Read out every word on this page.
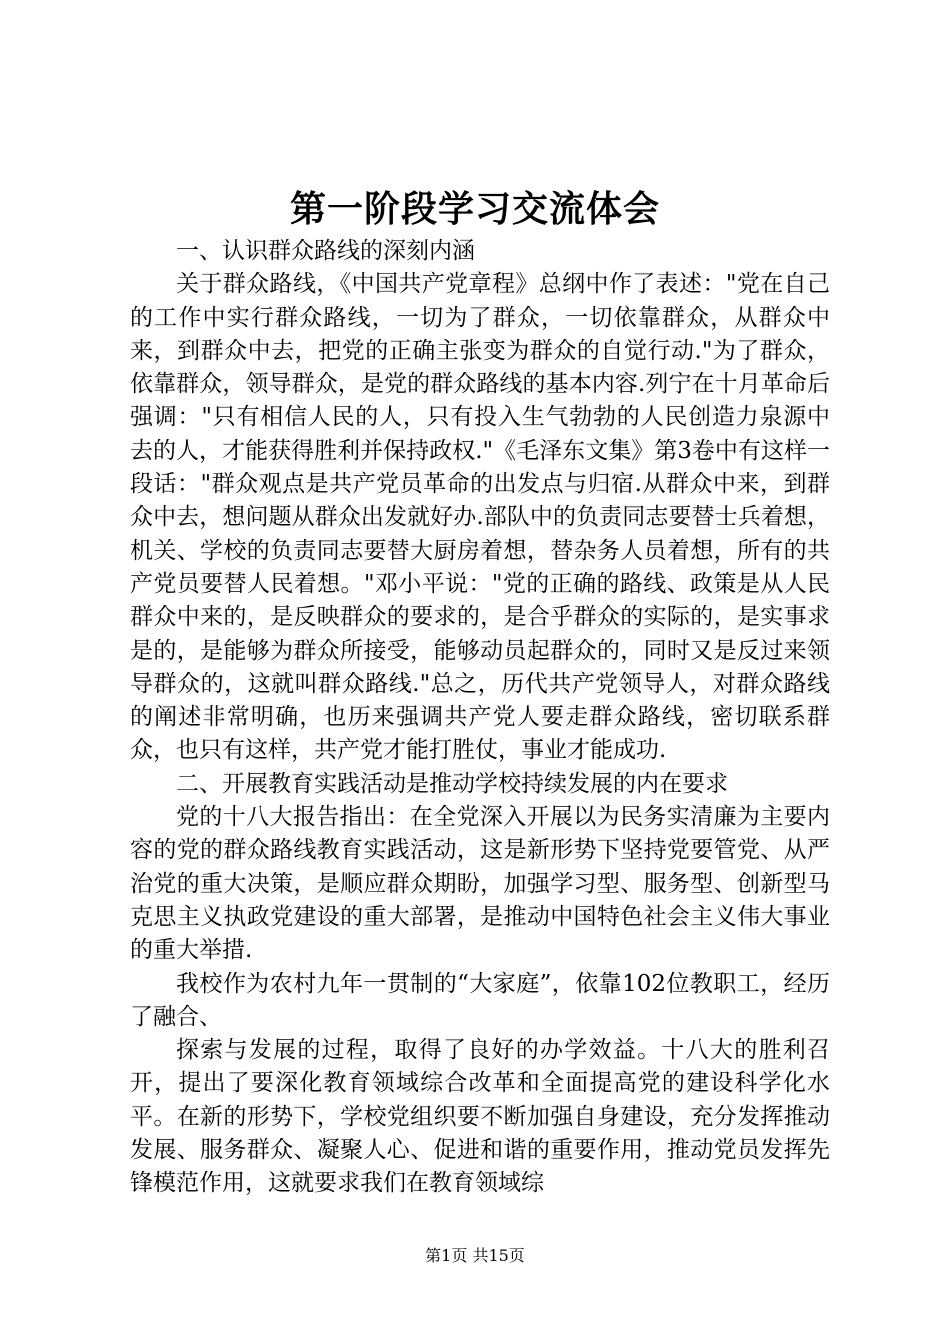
第一阶段学习交流体会

一、认识群众路线的深刻内涵

关于群众路线，《中国共产党章程》总纲中作了表述："党在自己的工作中实行群众路线，一切为了群众，一切依靠群众，从群众中来，到群众中去，把党的正确主张变为群众的自觉行动."为了群众，依靠群众，领导群众，是党的群众路线的基本内容.列宁在十月革命后强调："只有相信人民的人，只有投入生气勃勃的人民创造力泉源中去的人，才能获得胜利并保持政权."《毛泽东文集》第3卷中有这样一段话："群众观点是共产党员革命的出发点与归宿.从群众中来，到群众中去，想问题从群众出发就好办.部队中的负责同志要替士兵着想，机关、学校的负责同志要替大厨房着想，替杂务人员着想，所有的共产党员要替人民着想。"邓小平说："党的正确的路线、政策是从人民群众中来的，是反映群众的要求的，是合乎群众的实际的，是实事求是的，是能够为群众所接受，能够动员起群众的，同时又是反过来领导群众的，这就叫群众路线."总之，历代共产党领导人，对群众路线的阐述非常明确，也历来强调共产党人要走群众路线，密切联系群众，也只有这样，共产党才能打胜仗，事业才能成功.

二、开展教育实践活动是推动学校持续发展的内在要求

党的十八大报告指出：在全党深入开展以为民务实清廉为主要内容的党的群众路线教育实践活动，这是新形势下坚持党要管党、从严治党的重大决策，是顺应群众期盼，加强学习型、服务型、创新型马克思主义执政党建设的重大部署，是推动中国特色社会主义伟大事业的重大举措.

我校作为农村九年一贯制的“大家庭”，依靠102位教职工，经历了融合、

探索与发展的过程，取得了良好的办学效益。十八大的胜利召开，提出了要深化教育领域综合改革和全面提高党的建设科学化水平。在新的形势下，学校党组织要不断加强自身建设，充分发挥推动发展、服务群众、凝聚人心、促进和谐的重要作用，推动党员发挥先锋模范作用，这就要求我们在教育领域综

第1页 共15页
